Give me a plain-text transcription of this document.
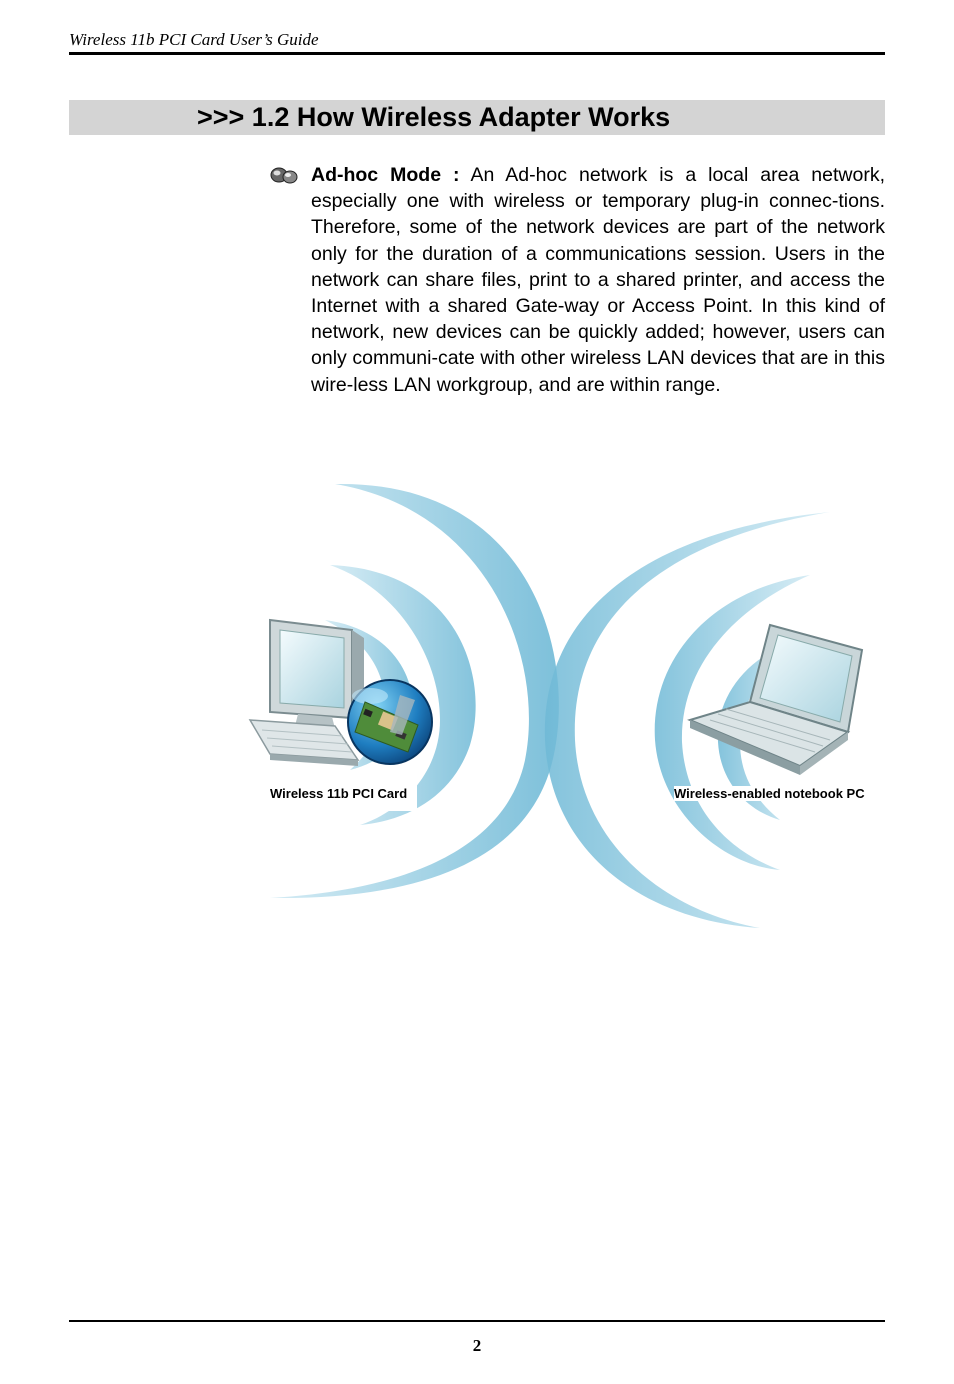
Wireless 11b PCI Card User’s Guide
>>> 1.2 How Wireless Adapter Works

Ad-hoc Mode : An Ad-hoc network is a local area network, especially one with wireless or temporary plug-in connec-tions. Therefore, some of the network devices are part of the network only for the duration of a communications session. Users in the network can share files, print to a shared printer, and access the Internet with a shared Gate-way or Access Point. In this kind of network, new devices can be quickly added; however, users can only communi-cate with other wireless LAN devices that are in this wire-less LAN workgroup, and are within range.

Wireless 11b PCI Card	Wireless-enabled notebook PC
2
